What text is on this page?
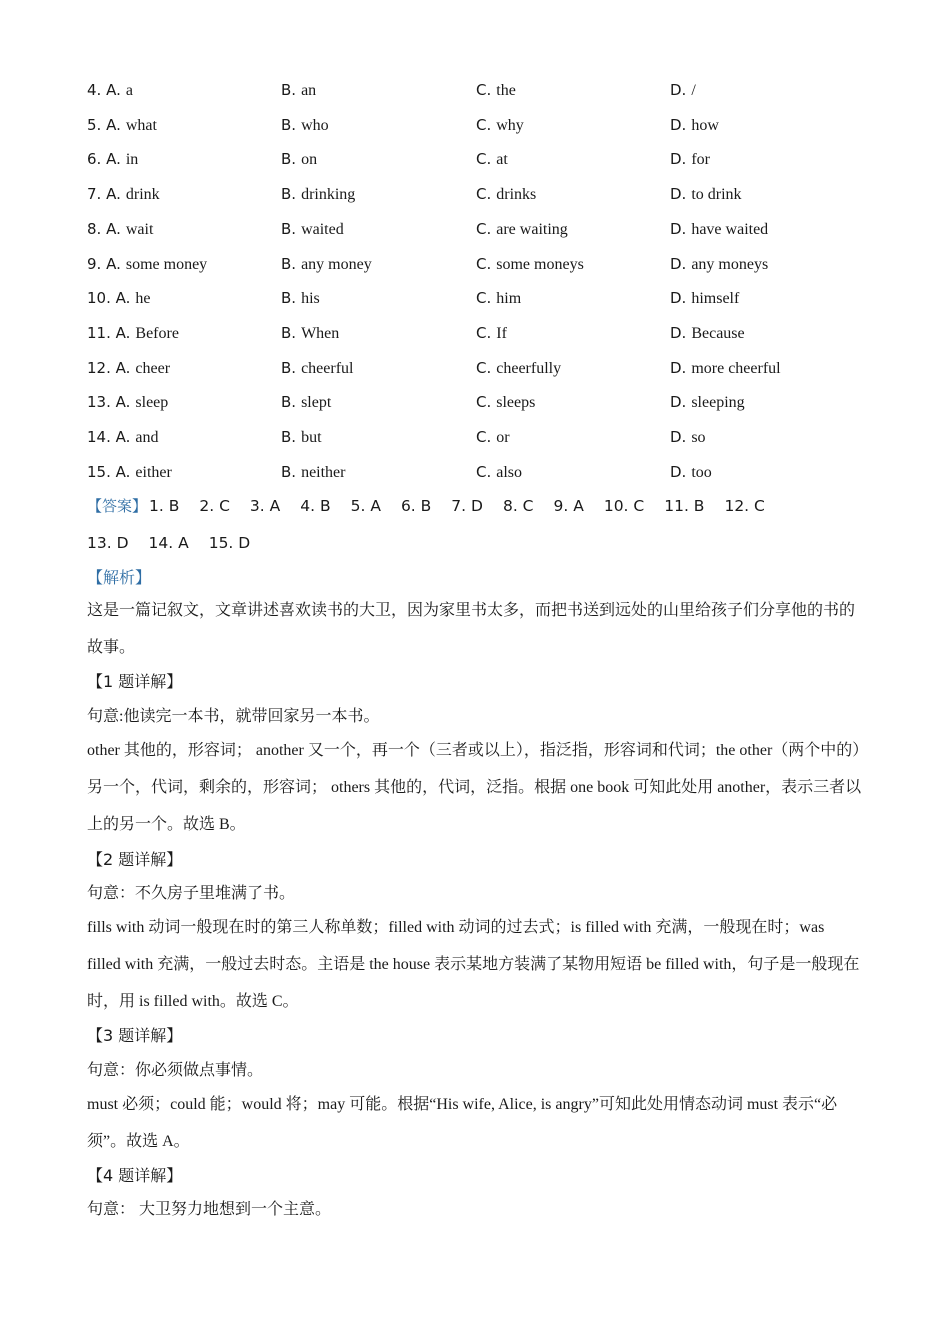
4. A. a	B. an	C. the	D. /
5. A. what	B. who	C. why	D. how
6. A. in	B. on	C. at	D. for
7. A. drink	B. drinking	C. drinks	D. to drink
8. A. wait	B. waited	C. are waiting	D. have waited
9. A. some money	B. any money	C. some moneys	D. any moneys
10. A. he	B. his	C. him	D. himself
11. A. Before	B. When	C. If	D. Because
12. A. cheer	B. cheerful	C. cheerfully	D. more cheerful
13. A. sleep	B. slept	C. sleeps	D. sleeping
14. A. and	B. but	C. or	D. so
15. A. either	B. neither	C. also	D. too
【答案】 1. B 2. C 3. A 4. B 5. A 6. B 7. D 8. C 9. A 10. C 11. B 12. C
13. D 14. A 15. D
【解析】
这是一篇记叙文，文章讲述喜欢读书的大卫，因为家里书太多，而把书送到远处的山里给孩子们分享他的书的故事。
【1 题详解】
句意:他读完一本书，就带回家另一本书。
other 其他的，形容词； another 又一个，再一个（三者或以上），指泛指，形容词和代词；the other（两个中的）另一个，代词，剩余的，形容词； others 其他的，代词，泛指。根据 one book 可知此处用 another，表示三者以上的另一个。故选 B。
【2 题详解】
句意：不久房子里堆满了书。
fills with 动词一般现在时的第三人称单数；filled with 动词的过去式；is filled with 充满，一般现在时；was filled with 充满，一般过去时态。主语是 the house 表示某地方装满了某物用短语 be filled with，句子是一般现在时，用 is filled with。故选 C。
【3 题详解】
句意：你必须做点事情。
must 必须；could 能；would 将；may 可能。根据“His wife, Alice, is angry”可知此处用情态动词 must 表示“必须”。故选 A。
【4 题详解】
句意： 大卫努力地想到一个主意。
